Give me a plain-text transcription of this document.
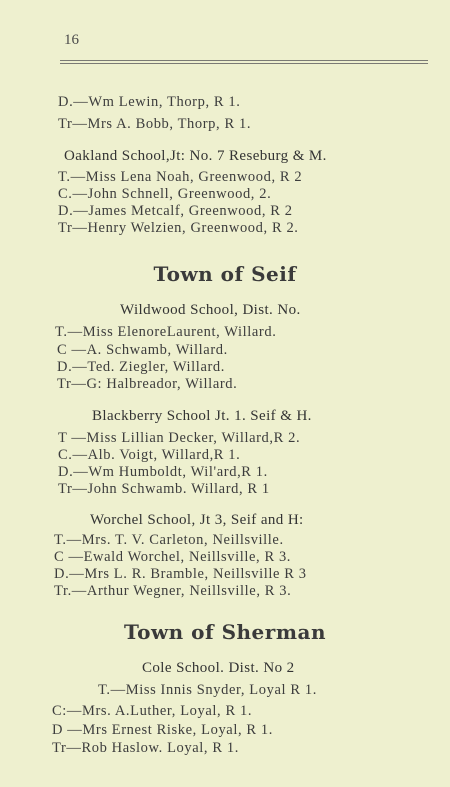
16
D.—Wm Lewin, Thorp, R 1.
Tr—Mrs A. Bobb, Thorp, R 1.
Oakland School,Jt: No. 7 Reseburg & M.
T.—Miss Lena Noah, Greenwood, R 2
C.—John Schnell, Greenwood, 2.
D.—James Metcalf, Greenwood, R 2
Tr—Henry Welzien, Greenwood, R 2.
Town of Seif
Wildwood School, Dist. No.
T.—Miss ElenoreLaurent, Willard.
C —A. Schwamb, Willard.
D.—Ted. Ziegler, Willard.
Tr—G: Halbreador, Willard.
Blackberry School Jt. 1. Seif & H.
T —Miss Lillian Decker, Willard,R 2.
C.—Alb. Voigt, Willard,R 1.
D.—Wm Humboldt, Wil'ard,R 1.
Tr—John Schwamb. Willard, R 1
Worchel School, Jt 3, Seif and H:
T.—Mrs. T. V. Carleton, Neillsville.
C —Ewald Worchel, Neillsville, R 3.
D.—Mrs L. R. Bramble, Neillsville R 3
Tr.—Arthur Wegner, Neillsville, R 3.
Town of Sherman
Cole School. Dist. No 2
T.—Miss Innis Snyder, Loyal R 1.
C:—Mrs. A.Luther, Loyal, R 1.
D —Mrs Ernest Riske, Loyal, R 1.
Tr—Rob Haslow. Loyal, R 1.
